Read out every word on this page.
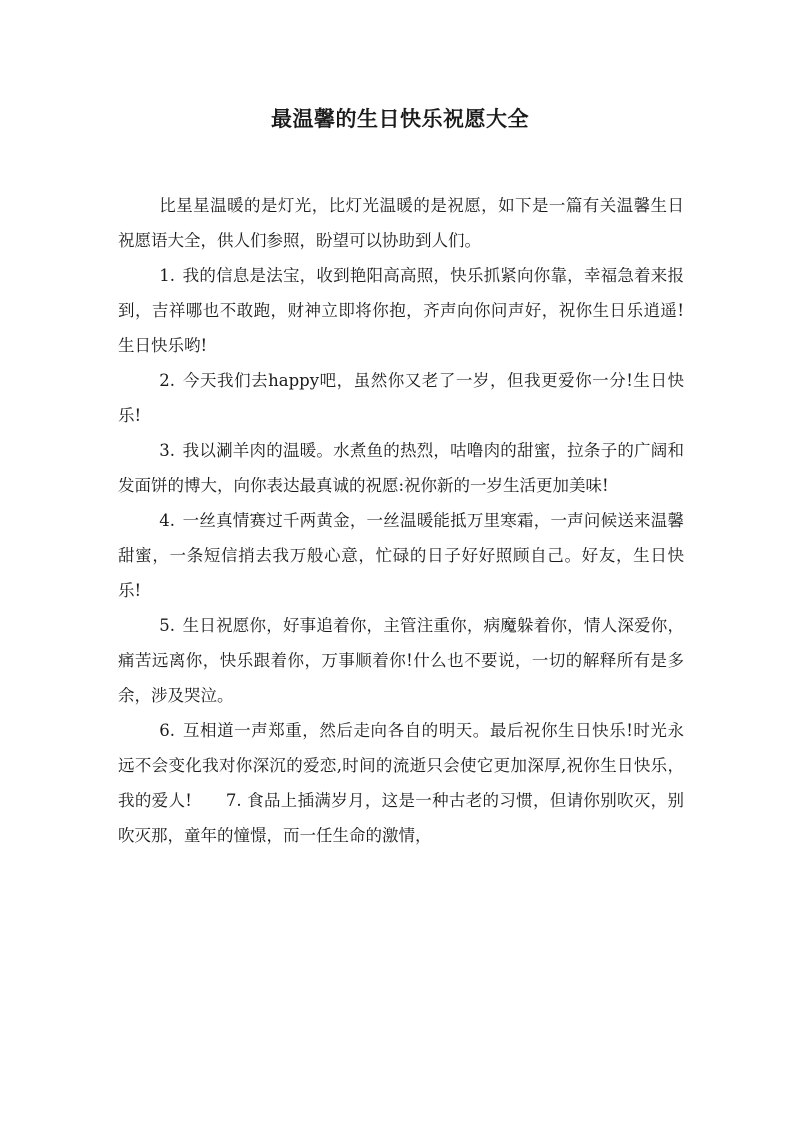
最温馨的生日快乐祝愿大全

比星星温暖的是灯光，比灯光温暖的是祝愿，如下是一篇有关温馨生日祝愿语大全，供人们参照，盼望可以协助到人们。

1. 我的信息是法宝，收到艳阳高高照，快乐抓紧向你靠，幸福急着来报到，吉祥哪也不敢跑，财神立即将你抱，齐声向你问声好，祝你生日乐逍遥!生日快乐哟!

2. 今天我们去happy吧，虽然你又老了一岁，但我更爱你一分!生日快乐!

3. 我以涮羊肉的温暖。水煮鱼的热烈，咕噜肉的甜蜜，拉条子的广阔和发面饼的博大，向你表达最真诚的祝愿:祝你新的一岁生活更加美味!

4. 一丝真情赛过千两黄金，一丝温暖能抵万里寒霜，一声问候送来温馨甜蜜，一条短信捎去我万般心意，忙碌的日子好好照顾自己。好友，生日快乐!

5. 生日祝愿你，好事追着你，主管注重你，病魔躲着你，情人深爱你，痛苦远离你，快乐跟着你，万事顺着你!什么也不要说，一切的解释所有是多余，涉及哭泣。

6. 互相道一声郑重，然后走向各自的明天。最后祝你生日快乐!时光永远不会变化我对你深沉的爱恋,时间的流逝只会使它更加深厚,祝你生日快乐，我的爱人!　　7. 食品上插满岁月，这是一种古老的习惯，但请你别吹灭，别吹灭那，童年的憧憬，而一任生命的激情，
